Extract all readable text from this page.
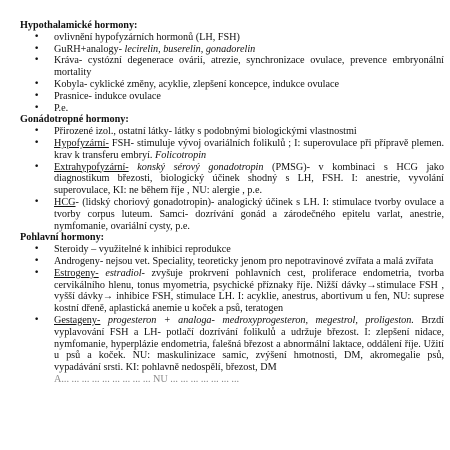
Hypothalamické hormony:
•	ovlivnění hypofyzárních hormonů (LH, FSH)
•	GuRH+analogy- lecirelin, buserelin, gonadorelin
•	Kráva- cystózní degenerace ovárií, atrezie, synchronizace ovulace, prevence embryonální mortality
•	Kobyla- cyklické změny, acyklie, zlepšení koncepce, indukce ovulace
•	Prasnice- indukce ovulace
•	P.e.
Gonádotropné hormony:
•	Přirozené izol., ostatní látky- látky s podobnými biologickými vlastnostmi
•	Hypofyzární- FSH- stimuluje vývoj ovariálních folikulů ; I: superovulace při přípravě plemen. krav k transferu embryí. Folicotropin
•	Extrahypofyzární- konský sérový gonadotropin (PMSG)- v kombinaci s HCG jako diagnostikum březosti, biologický účinek shodný s LH, FSH. I: anestrie, vyvolání superovulace, KI: ne během říje , NU: alergie , p.e.
•	HCG- (lidský choriový gonadotropin)- analogický účinek s LH. I: stimulace tvorby ovulace a tvorby corpus luteum. Samci- dozrívání gonád a zárodečného epitelu varlat, anestrie, nymfomanie, ovariální cysty, p.e.
Pohlavní hormony:
•	Steroidy – využitelné k inhibici reprodukce
•	Androgeny- nejsou vet. Speciality, teoreticky jenom pro nepotravinové zvířata a malá zvířata
•	Estrogeny- estradiol- zvyšuje prokrvení pohlavních cest, proliferace endometria, tvorba cervikálního hlenu, tonus myometria, psychické příznaky říje. Nižší dávky→stimulace FSH , vyšší dávky→ inhibice FSH, stimulace LH. I: acyklie, anestrus, abortivum u fen, NU: suprese kostní dřeně, aplastická anemie u koček a psů, teratogen
•	Gestageny- progesteron + analoga- medroxyprogesteron, megestrol, proligeston. Brzdí vyplavování FSH a LH- potlačí dozrívání folikulů a udržuje březost. I: zlepšení nidace, nymfomanie, hyperplázie endometria, falešná březost a abnormální laktace, oddálení říje. Užití u psů a koček. NU: maskulinizace samic, zvýšení hmotnosti, DM, akromegalie psů, vypadávání srsti. KI: pohlavně nedospělí, březost, DM
A... ... ... ... ... ... ... ... ... NU ... ... ... ... ... ... ...
